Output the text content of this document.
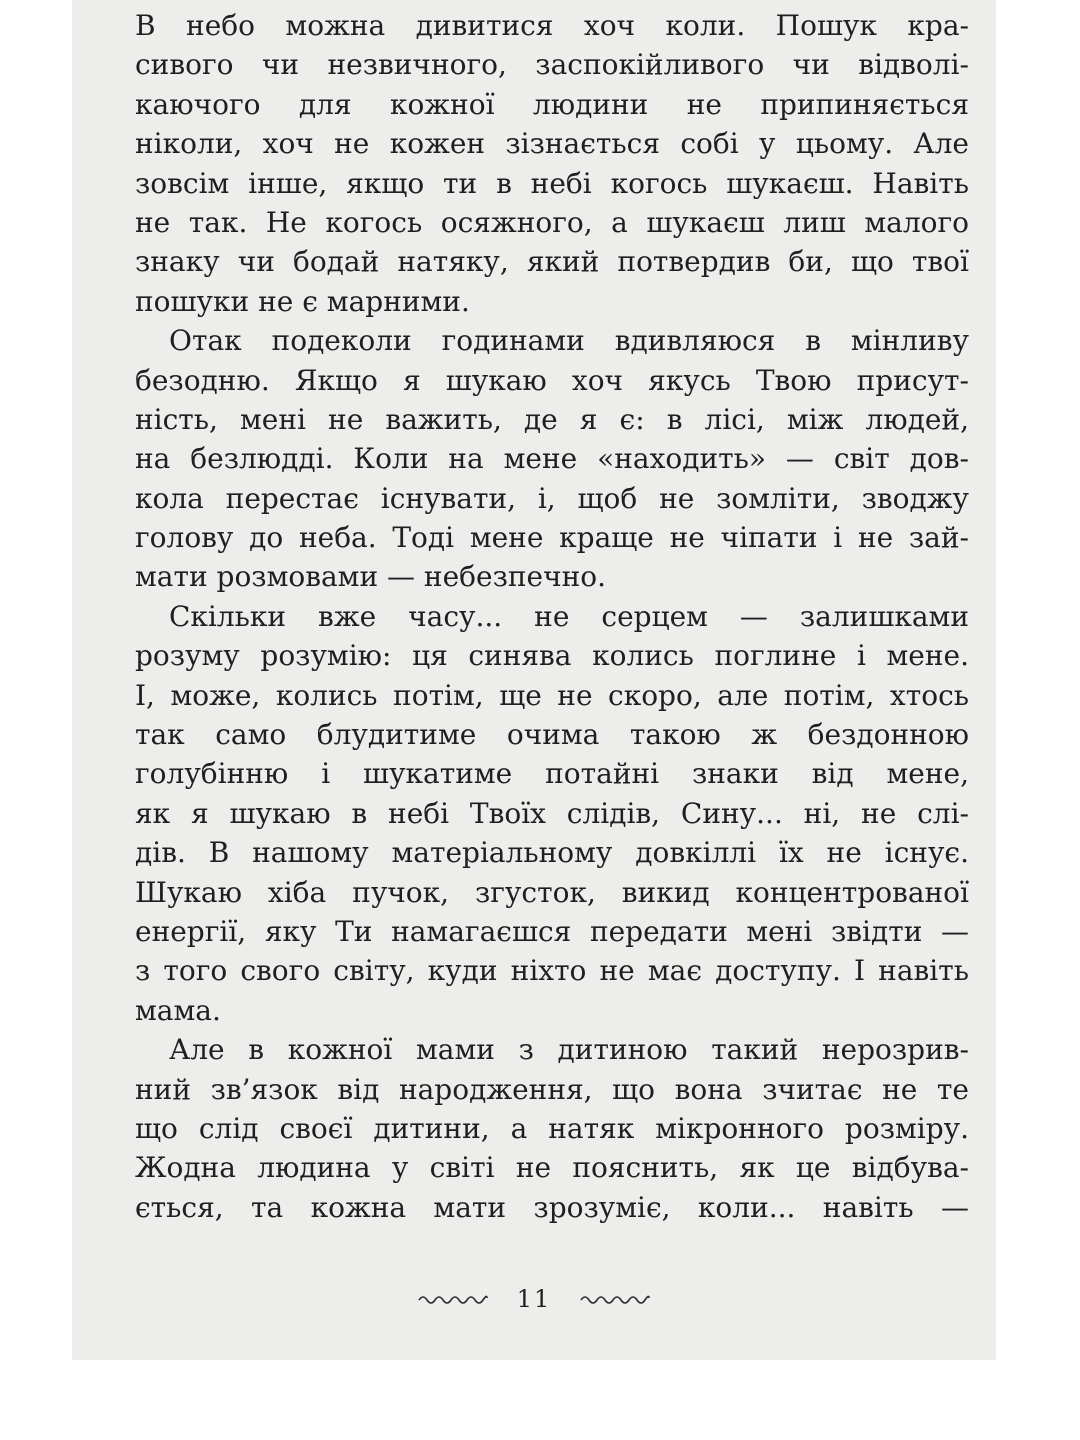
В небо можна дивитися хоч коли. Пошук кра-
сивого чи незвичного, заспокійливого чи відволі-
каючого для кожної людини не припиняється
ніколи, хоч не кожен зізнається собі у цьому. Але
зовсім інше, якщо ти в небі когось шукаєш. Навіть
не так. Не когось осяжного, а шукаєш лиш малого
знаку чи бодай натяку, який потвердив би, що твої
пошуки не є марними.

Отак подеколи годинами вдивляюся в мінливу
безодню. Якщо я шукаю хоч якусь Твою присут-
ність, мені не важить, де я є: в лісі, між людей,
на безлюдді. Коли на мене «находить» — світ дов-
кола перестає існувати, і, щоб не зомліти, зводжу
голову до неба. Тоді мене краще не чіпати і не зай-
мати розмовами — небезпечно.

Скільки вже часу... не серцем — залишками
розуму розумію: ця синява колись поглине і мене.
І, може, колись потім, ще не скоро, але потім, хтось
так само блудитиме очима такою ж бездонною
голубінню і шукатиме потайні знаки від мене,
як я шукаю в небі Твоїх слідів, Сину... ні, не слі-
дів. В нашому матеріальному довкіллі їх не існує.
Шукаю хіба пучок, згусток, викид концентрованої
енергії, яку Ти намагаєшся передати мені звідти —
з того свого світу, куди ніхто не має доступу. І навіть
мама.

Але в кожної мами з дитиною такий нерозрив-
ний зв’язок від народження, що вона зчитає не те
що слід своєї дитини, а натяк мікронного розміру.
Жодна людина у світі не пояснить, як це відбува-
ється, та кожна мати зрозуміє, коли... навіть —

11
